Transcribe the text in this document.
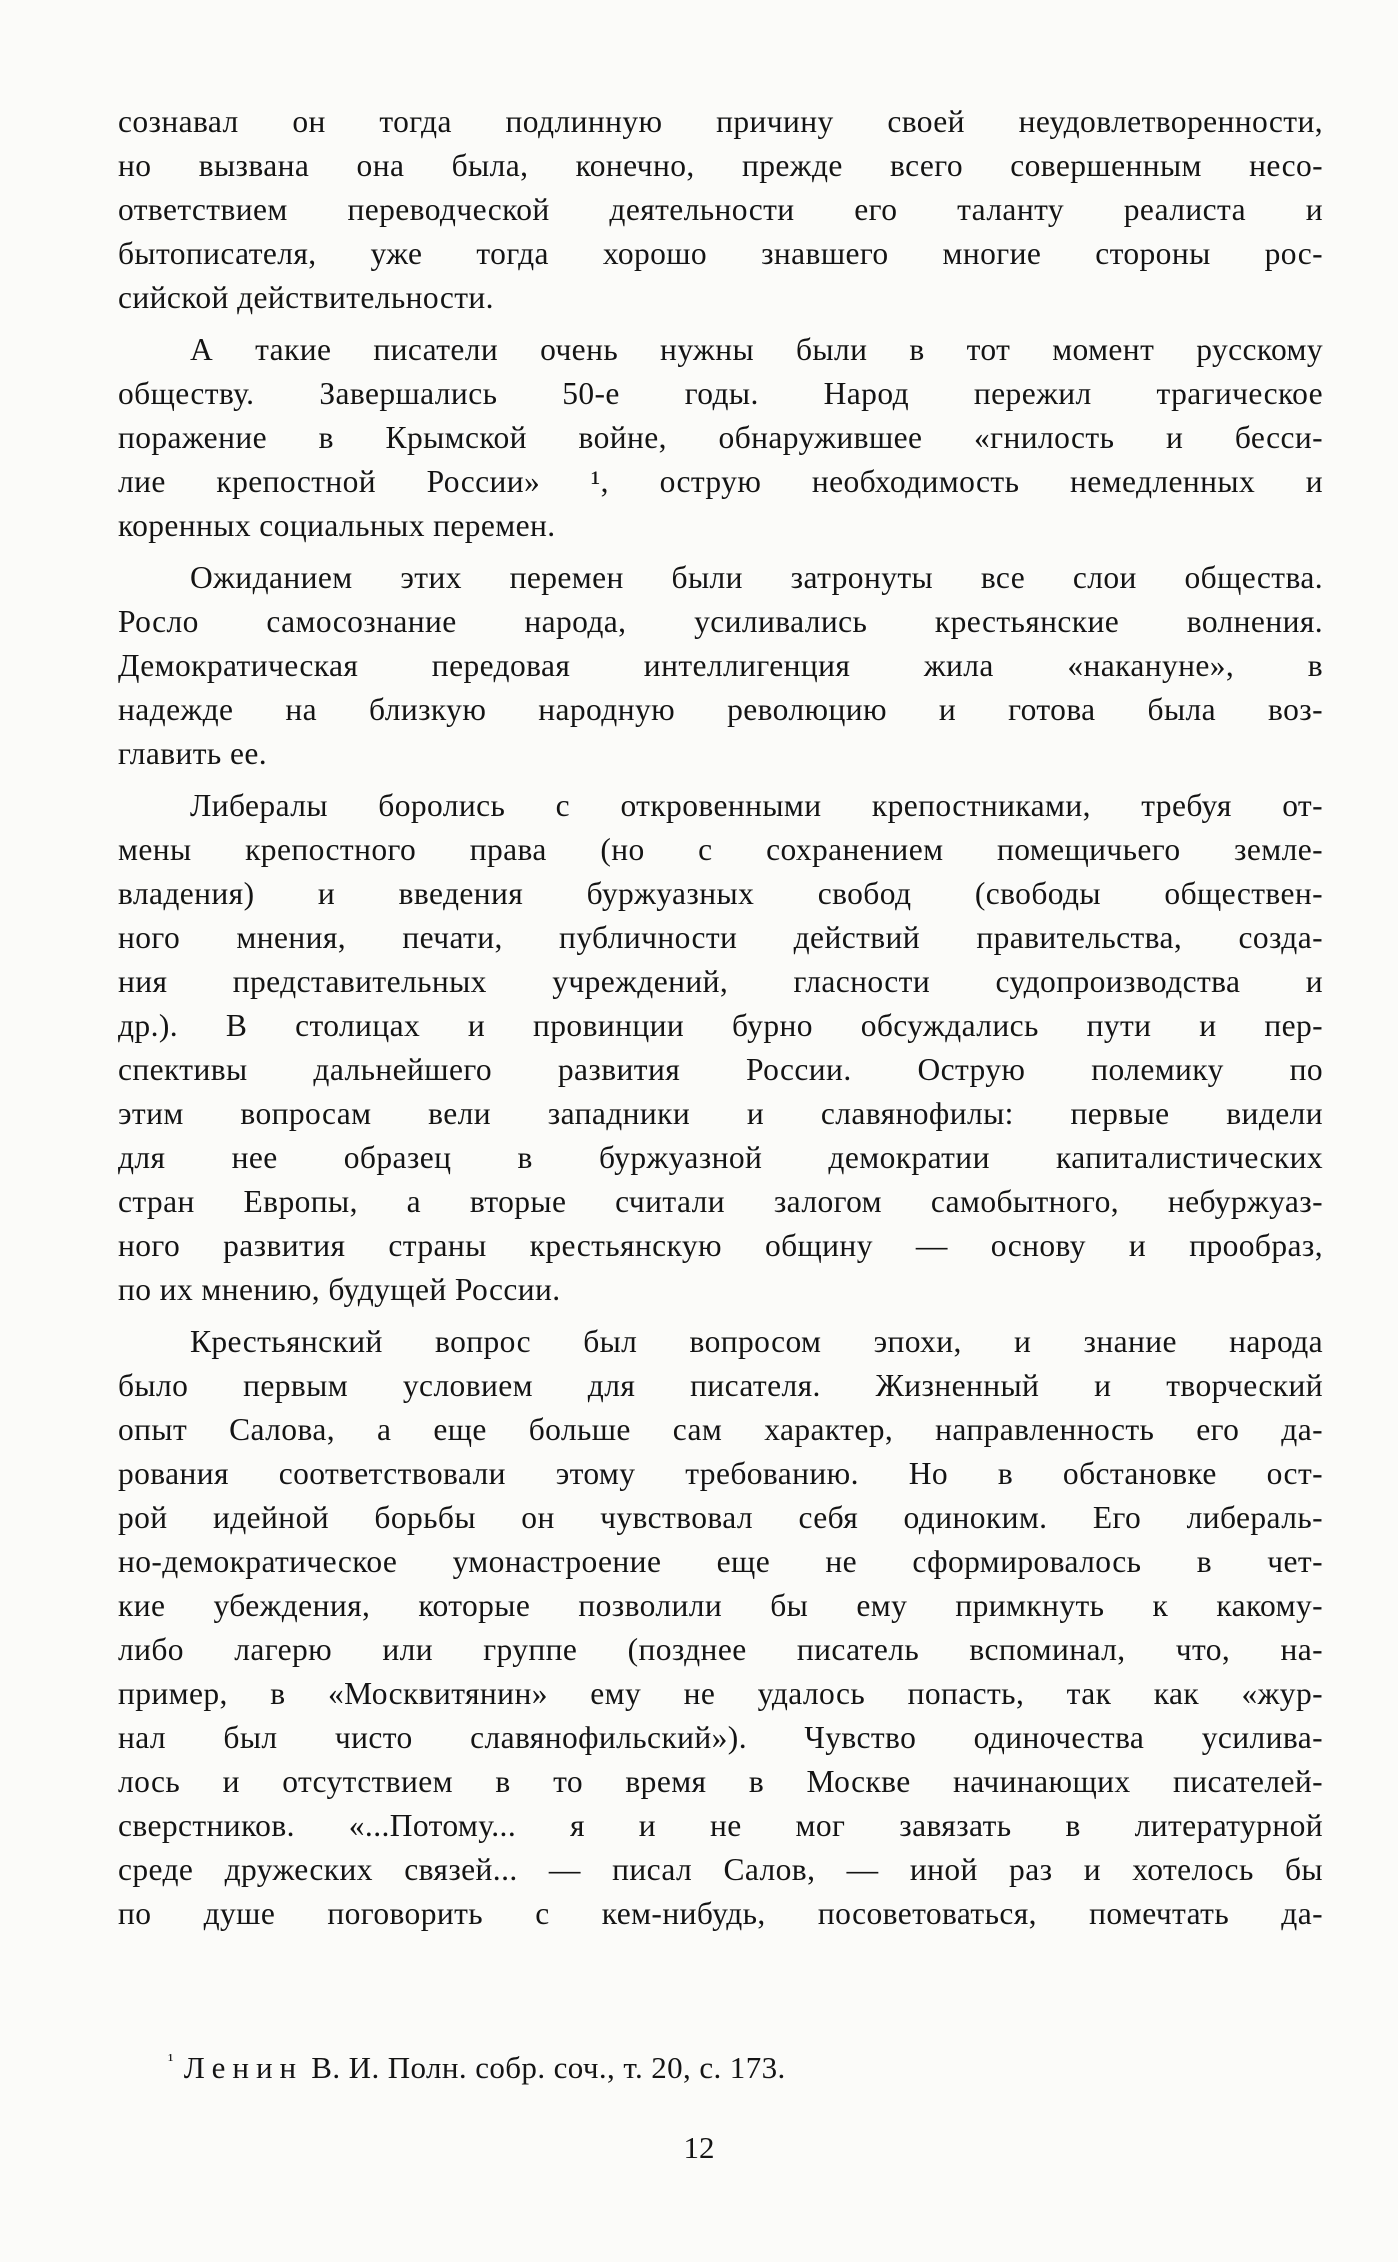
сознавал он тогда подлинную причину своей неудовлетворенности,
но вызвана она была, конечно, прежде всего совершенным несо-
ответствием переводческой деятельности его таланту реалиста и
бытописателя, уже тогда хорошо знавшего многие стороны рос-
сийской действительности.
А такие писатели очень нужны были в тот момент русскому
обществу. Завершались 50-е годы. Народ пережил трагическое
поражение в Крымской войне, обнаружившее «гнилость и бесси-
лие крепостной России» ¹, острую необходимость немедленных и
коренных социальных перемен.
Ожиданием этих перемен были затронуты все слои общества.
Росло самосознание народа, усиливались крестьянские волнения.
Демократическая передовая интеллигенция жила «накануне», в
надежде на близкую народную революцию и готова была воз-
главить ее.
Либералы боролись с откровенными крепостниками, требуя от-
мены крепостного права (но с сохранением помещичьего земле-
владения) и введения буржуазных свобод (свободы обществен-
ного мнения, печати, публичности действий правительства, созда-
ния представительных учреждений, гласности судопроизводства и
др.). В столицах и провинции бурно обсуждались пути и пер-
спективы дальнейшего развития России. Острую полемику по
этим вопросам вели западники и славянофилы: первые видели
для нее образец в буржуазной демократии капиталистических
стран Европы, а вторые считали залогом самобытного, небуржуаз-
ного развития страны крестьянскую общину — основу и прообраз,
по их мнению, будущей России.
Крестьянский вопрос был вопросом эпохи, и знание народа
было первым условием для писателя. Жизненный и творческий
опыт Салова, а еще больше сам характер, направленность его да-
рования соответствовали этому требованию. Но в обстановке ост-
рой идейной борьбы он чувствовал себя одиноким. Его либераль-
но-демократическое умонастроение еще не сформировалось в чет-
кие убеждения, которые позволили бы ему примкнуть к какому-
либо лагерю или группе (позднее писатель вспоминал, что, на-
пример, в «Москвитянин» ему не удалось попасть, так как «жур-
нал был чисто славянофильский»). Чувство одиночества усилива-
лось и отсутствием в то время в Москве начинающих писателей-
сверстников. «...Потому... я и не мог завязать в литературной
среде дружеских связей... — писал Салов, — иной раз и хотелось бы
по душе поговорить с кем-нибудь, посоветоваться, помечтать да-
$^{^1}$ Ленин В. И. Полн. собр. соч., т. 20, с. 173.
12
